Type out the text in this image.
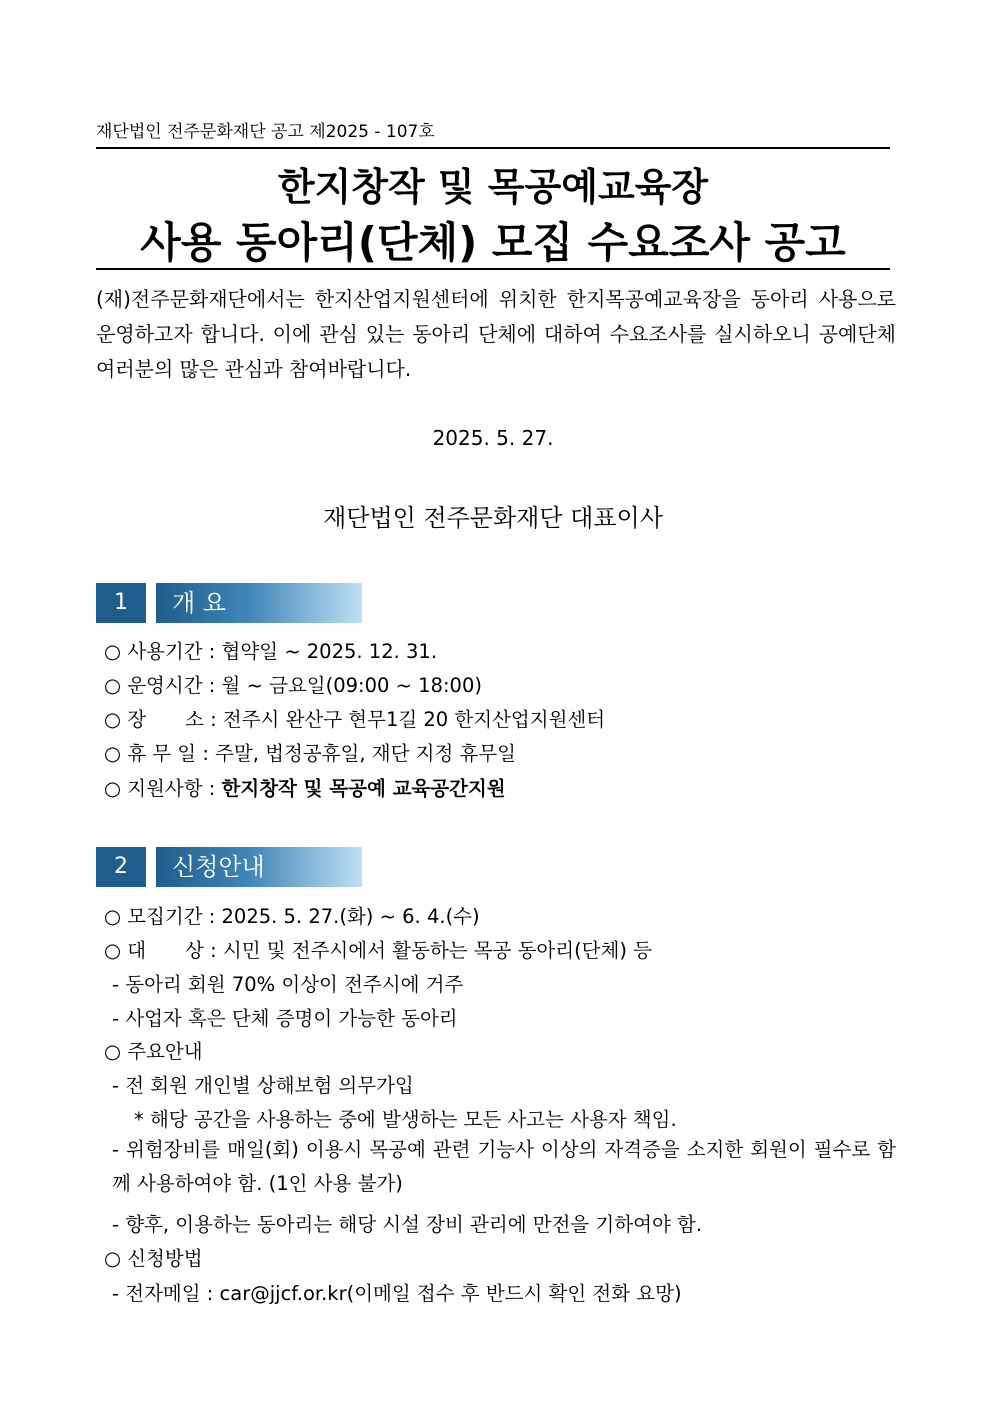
재단법인 전주문화재단 공고 제2025 - 107호
한지창작 및 목공예교육장
사용 동아리(단체) 모집 수요조사 공고
(재)전주문화재단에서는 한지산업지원센터에 위치한 한지목공예교육장을 동아리 사용으로 운영하고자 합니다. 이에 관심 있는 동아리 단체에 대하여 수요조사를 실시하오니 공예단체 여러분의 많은 관심과 참여바랍니다.
2025. 5. 27.
재단법인 전주문화재단 대표이사
1	개 요
○ 사용기간 : 협약일 ~ 2025. 12. 31.
○ 운영시간 : 월 ~ 금요일(09:00 ~ 18:00)
○ 장　　소 : 전주시 완산구 현무1길 20 한지산업지원센터
○ 휴 무 일 : 주말, 법정공휴일, 재단 지정 휴무일
○ 지원사항 : 한지창작 및 목공예 교육공간지원
2	신청안내
○ 모집기간 : 2025. 5. 27.(화) ~ 6. 4.(수)
○ 대　　상 : 시민 및 전주시에서 활동하는 목공 동아리(단체) 등
- 동아리 회원 70% 이상이 전주시에 거주
- 사업자 혹은 단체 증명이 가능한 동아리
○ 주요안내
- 전 회원 개인별 상해보험 의무가입
* 해당 공간을 사용하는 중에 발생하는 모든 사고는 사용자 책임.
- 위험장비를 매일(회) 이용시 목공예 관련 기능사 이상의 자격증을 소지한 회원이 필수로 함께 사용하여야 함. (1인 사용 불가)
- 향후, 이용하는 동아리는 해당 시설 장비 관리에 만전을 기하여야 함.
○ 신청방법
- 전자메일 : car@jjcf.or.kr(이메일 접수 후 반드시 확인 전화 요망)
